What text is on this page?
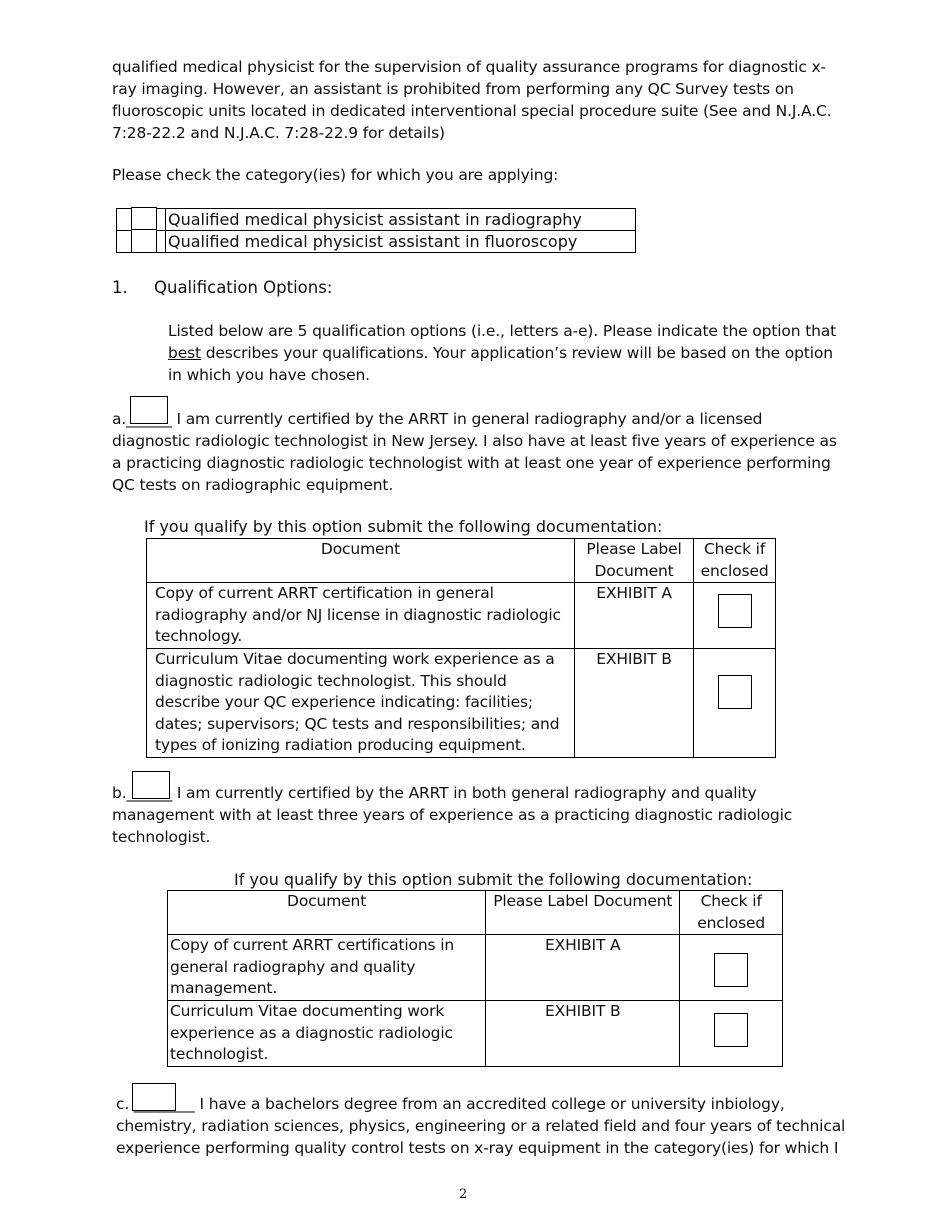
qualified medical physicist for the supervision of quality assurance programs for diagnostic x-
ray imaging. However, an assistant is prohibited from performing any QC Survey tests on
fluoroscopic units located in dedicated interventional special procedure suite (See and N.J.A.C.
7:28-22.2 and N.J.A.C. 7:28-22.9 for details)
Please check the category(ies) for which you are applying:
	Qualified medical physicist assistant in radiography

	Qualified medical physicist assistant in fluoroscopy
1. Qualification Options:
Listed below are 5 qualification options (i.e., letters a-e). Please indicate the option that
best describes your qualifications. Your application’s review will be based on the option
in which you have chosen.
a.______ I am currently certified by the ARRT in general radiography and/or a licensed
diagnostic radiologic technologist in New Jersey. I also have at least five years of experience as
a practicing diagnostic radiologic technologist with at least one year of experience performing
QC tests on radiographic equipment.
If you qualify by this option submit the following documentation:
Document	Please Label Document	Check if enclosed
Copy of current ARRT certification in general radiography and/or NJ license in diagnostic radiologic technology.	EXHIBIT A	
Curriculum Vitae documenting work experience as a diagnostic radiologic technologist. This should describe your QC experience indicating: facilities; dates; supervisors; QC tests and responsibilities; and types of ionizing radiation producing equipment.	EXHIBIT B	
b.______ I am currently certified by the ARRT in both general radiography and quality
management with at least three years of experience as a practicing diagnostic radiologic
technologist.
If you qualify by this option submit the following documentation:
Document	Please Label Document	Check if enclosed
Copy of current ARRT certifications in general radiography and quality management.	EXHIBIT A	
Curriculum Vitae documenting work experience as a diagnostic radiologic technologist.	EXHIBIT B	
c. ________ I have a bachelors degree from an accredited college or university inbiology,
chemistry, radiation sciences, physics, engineering or a related field and four years of technical
experience performing quality control tests on x-ray equipment in the category(ies) for which I
2
